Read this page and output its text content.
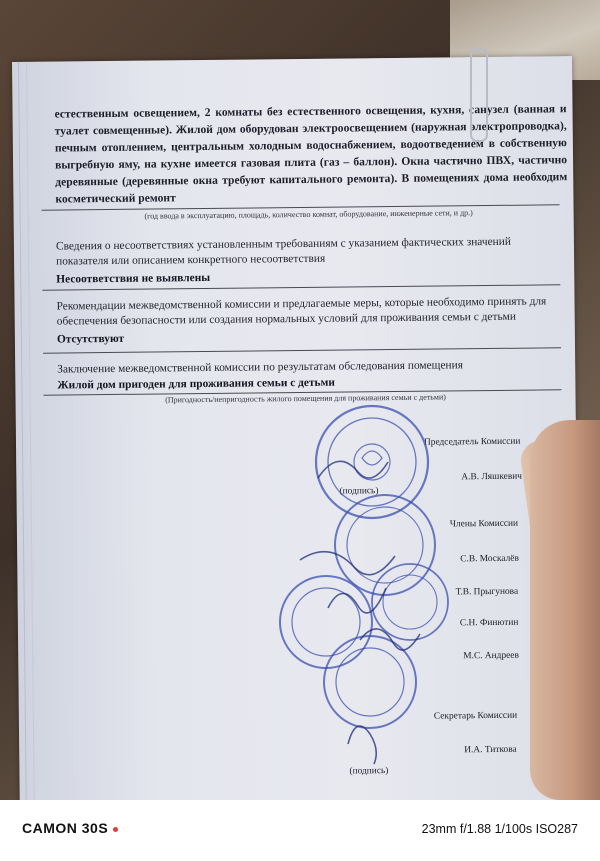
естественным освещением, 2 комнаты без естественного освещения, кухня, санузел (ванная и туалет совмещенные). Жилой дом оборудован электроосвещением (наружная электропроводка), печным отоплением, центральным холодным водоснабжением, водоотведением в собственную выгребную яму, на кухне имеется газовая плита (газ – баллон). Окна частично ПВХ, частично деревянные (деревянные окна требуют капитального ремонта). В помещениях дома необходим косметический ремонт
(год ввода в эксплуатацию, площадь, количество комнат, оборудование, инженерные сети, и др.)
Сведения о несоответствиях установленным требованиям с указанием фактических значений показателя или описанием конкретного несоответствия
Несоответствия не выявлены
Рекомендации межведомственной комиссии и предлагаемые меры, которые необходимо принять для обеспечения безопасности или создания нормальных условий для проживания семьи с детьми
Отсутствуют
Заключение межведомственной комиссии по результатам обследования помещения
Жилой дом пригоден для проживания семьи с детьми
(Пригодность/непригодность жилого помещения для проживания семьи с детьми)
Председатель Комиссии
А.В. Ляшкевич
(подпись)
Члены Комиссии
С.В. Москалёв
Т.В. Прыгунова
С.Н. Финютин
М.С. Андреев
Секретарь Комиссии
И.А. Титкова
(подпись)
CAMON 30S	23mm f/1.88 1/100s ISO287
